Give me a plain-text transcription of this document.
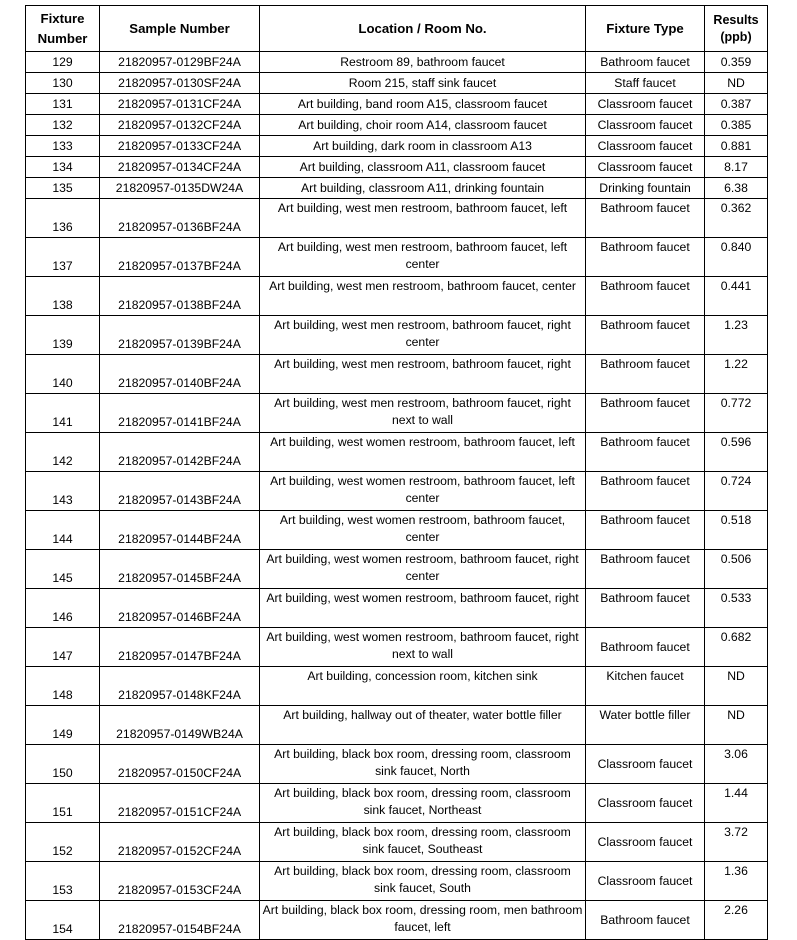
Fixture Number	Sample Number	Location / Room No.	Fixture Type	Results (ppb)
129	21820957-0129BF24A	Restroom 89, bathroom faucet	Bathroom faucet	0.359
130	21820957-0130SF24A	Room 215, staff sink faucet	Staff faucet	ND
131	21820957-0131CF24A	Art building, band room A15, classroom faucet	Classroom faucet	0.387
132	21820957-0132CF24A	Art building, choir room A14, classroom faucet	Classroom faucet	0.385
133	21820957-0133CF24A	Art building, dark room in classroom A13	Classroom faucet	0.881
134	21820957-0134CF24A	Art building, classroom A11, classroom faucet	Classroom faucet	8.17
135	21820957-0135DW24A	Art building, classroom A11, drinking fountain	Drinking fountain	6.38
136	21820957-0136BF24A	Art building, west men restroom, bathroom faucet, left	Bathroom faucet	0.362
137	21820957-0137BF24A	Art building, west men restroom, bathroom faucet, left center	Bathroom faucet	0.840
138	21820957-0138BF24A	Art building, west men restroom, bathroom faucet, center	Bathroom faucet	0.441
139	21820957-0139BF24A	Art building, west men restroom, bathroom faucet, right center	Bathroom faucet	1.23
140	21820957-0140BF24A	Art building, west men restroom, bathroom faucet, right	Bathroom faucet	1.22
141	21820957-0141BF24A	Art building, west men restroom, bathroom faucet, right next to wall	Bathroom faucet	0.772
142	21820957-0142BF24A	Art building, west women restroom, bathroom faucet, left	Bathroom faucet	0.596
143	21820957-0143BF24A	Art building, west women restroom, bathroom faucet, left center	Bathroom faucet	0.724
144	21820957-0144BF24A	Art building, west women restroom, bathroom faucet, center	Bathroom faucet	0.518
145	21820957-0145BF24A	Art building, west women restroom, bathroom faucet, right center	Bathroom faucet	0.506
146	21820957-0146BF24A	Art building, west women restroom, bathroom faucet, right	Bathroom faucet	0.533
147	21820957-0147BF24A	Art building, west women restroom, bathroom faucet, right next to wall	Bathroom faucet	0.682
148	21820957-0148KF24A	Art building, concession room, kitchen sink	Kitchen faucet	ND
149	21820957-0149WB24A	Art building, hallway out of theater, water bottle filler	Water bottle filler	ND
150	21820957-0150CF24A	Art building, black box room, dressing room, classroom sink faucet, North	Classroom faucet	3.06
151	21820957-0151CF24A	Art building, black box room, dressing room, classroom sink faucet, Northeast	Classroom faucet	1.44
152	21820957-0152CF24A	Art building, black box room, dressing room, classroom sink faucet, Southeast	Classroom faucet	3.72
153	21820957-0153CF24A	Art building, black box room, dressing room, classroom sink faucet, South	Classroom faucet	1.36
154	21820957-0154BF24A	Art building, black box room, dressing room, men bathroom faucet, left	Bathroom faucet	2.26
